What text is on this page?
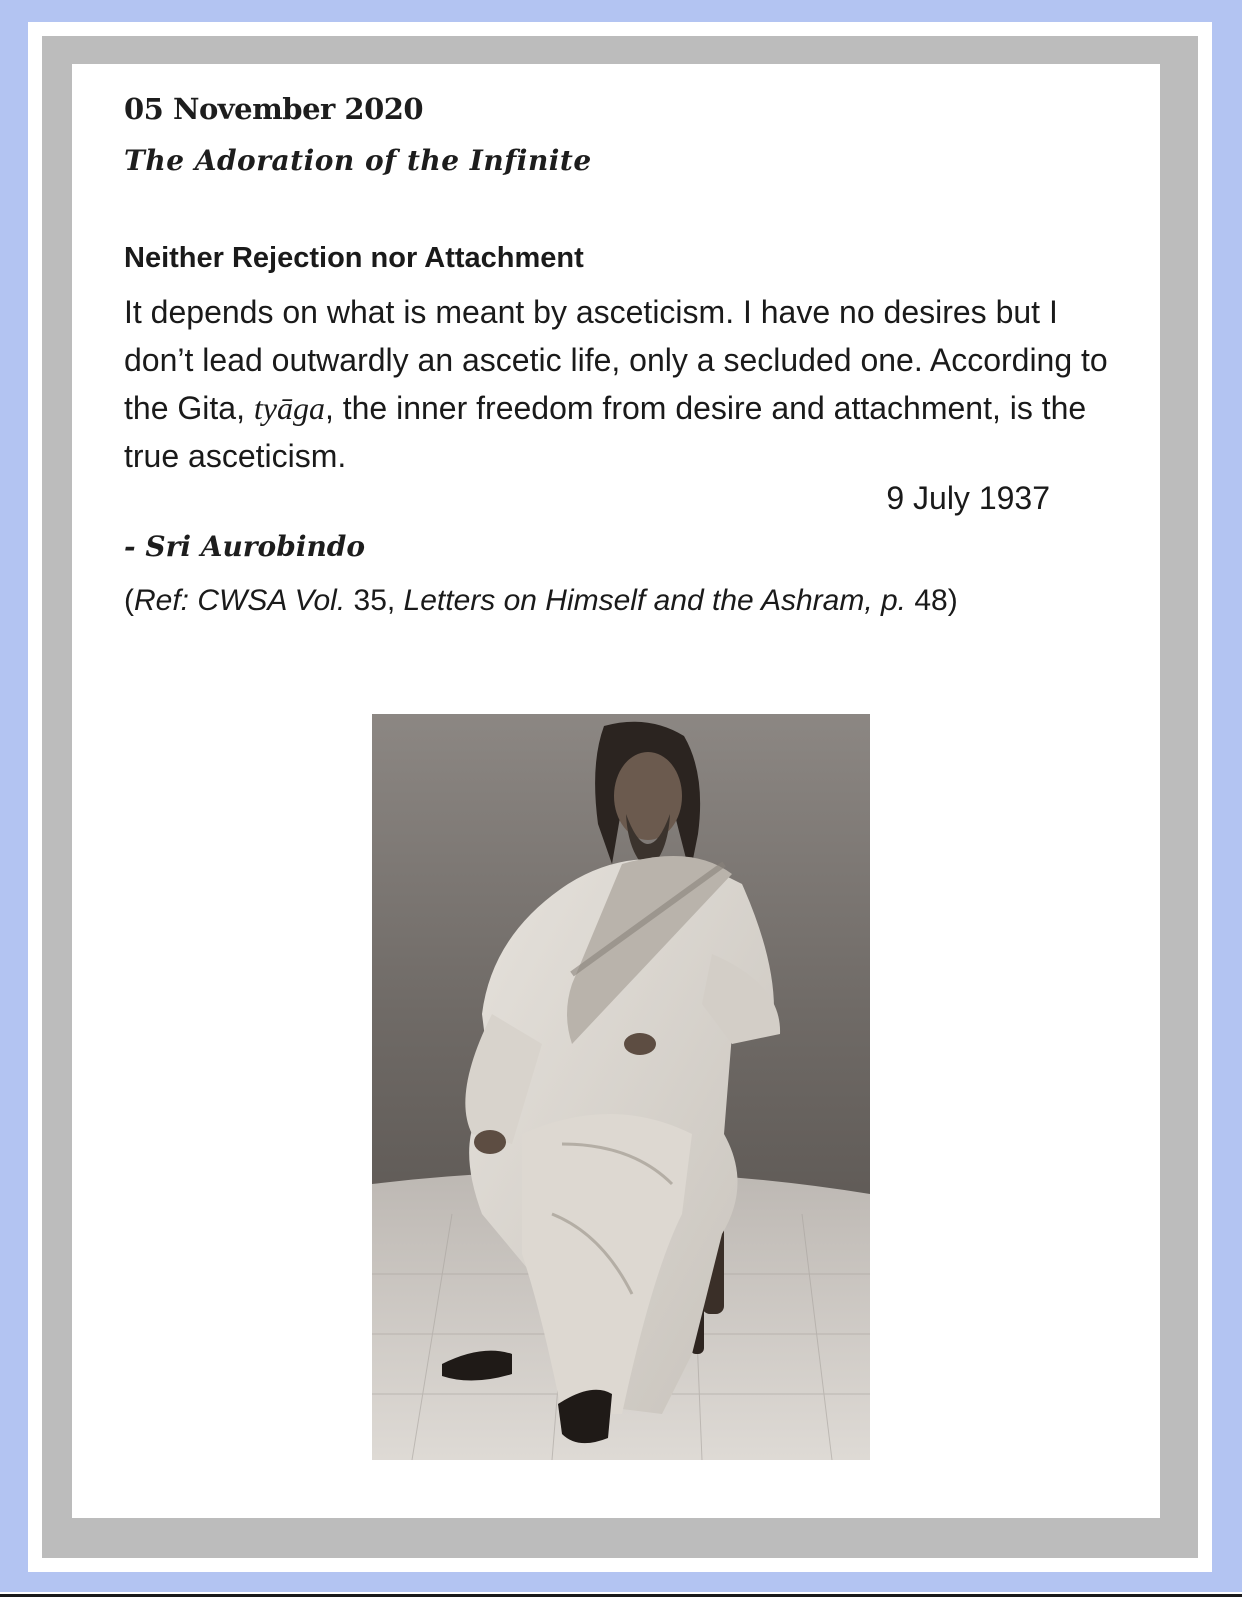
05 November 2020
The Adoration of the Infinite
Neither Rejection nor Attachment

It depends on what is meant by asceticism. I have no desires but I don’t lead outwardly an ascetic life, only a secluded one. According to the Gita, tyāga, the inner freedom from desire and attachment, is the true asceticism.

9 July 1937
- Sri Aurobindo
(Ref: CWSA Vol. 35, Letters on Himself and the Ashram, p. 48)
